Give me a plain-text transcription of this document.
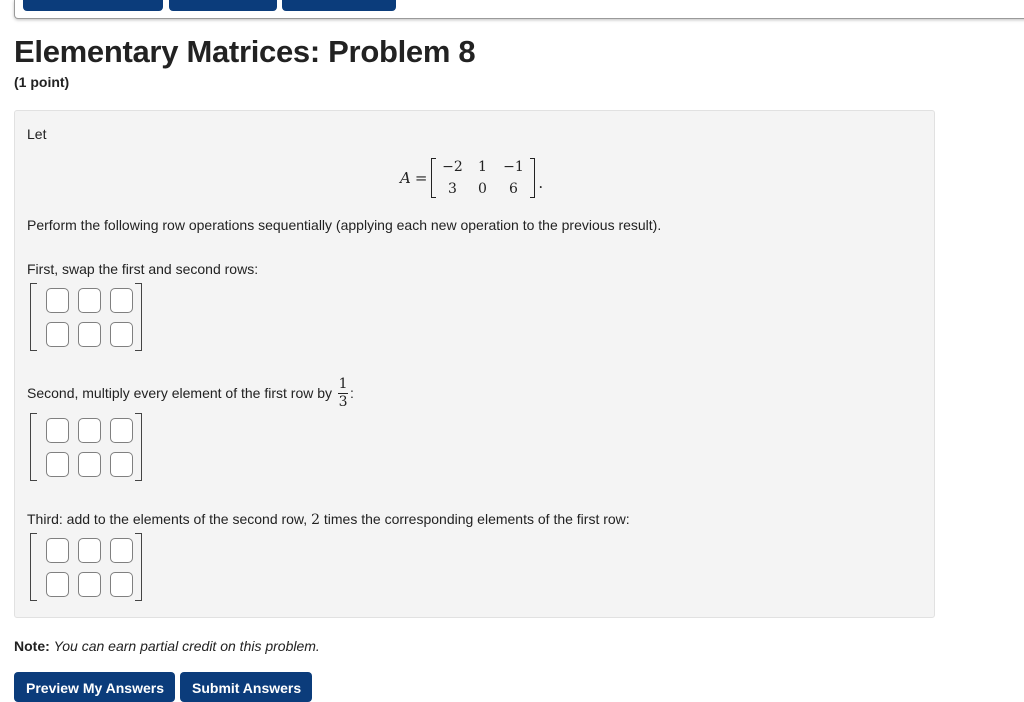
Elementary Matrices: Problem 8
(1 point)
Let
A =
−2	1	−1
3	0	6	.
Perform the following row operations sequentially (applying each new operation to the previous result).
First, swap the first and second rows:
Second, multiply every element of the first row by $\frac{1}{3}$ :
Third: add to the elements of the second row, 2 times the corresponding elements of the first row:
Note: You can earn partial credit on this problem.
Preview My Answers	Submit Answers
